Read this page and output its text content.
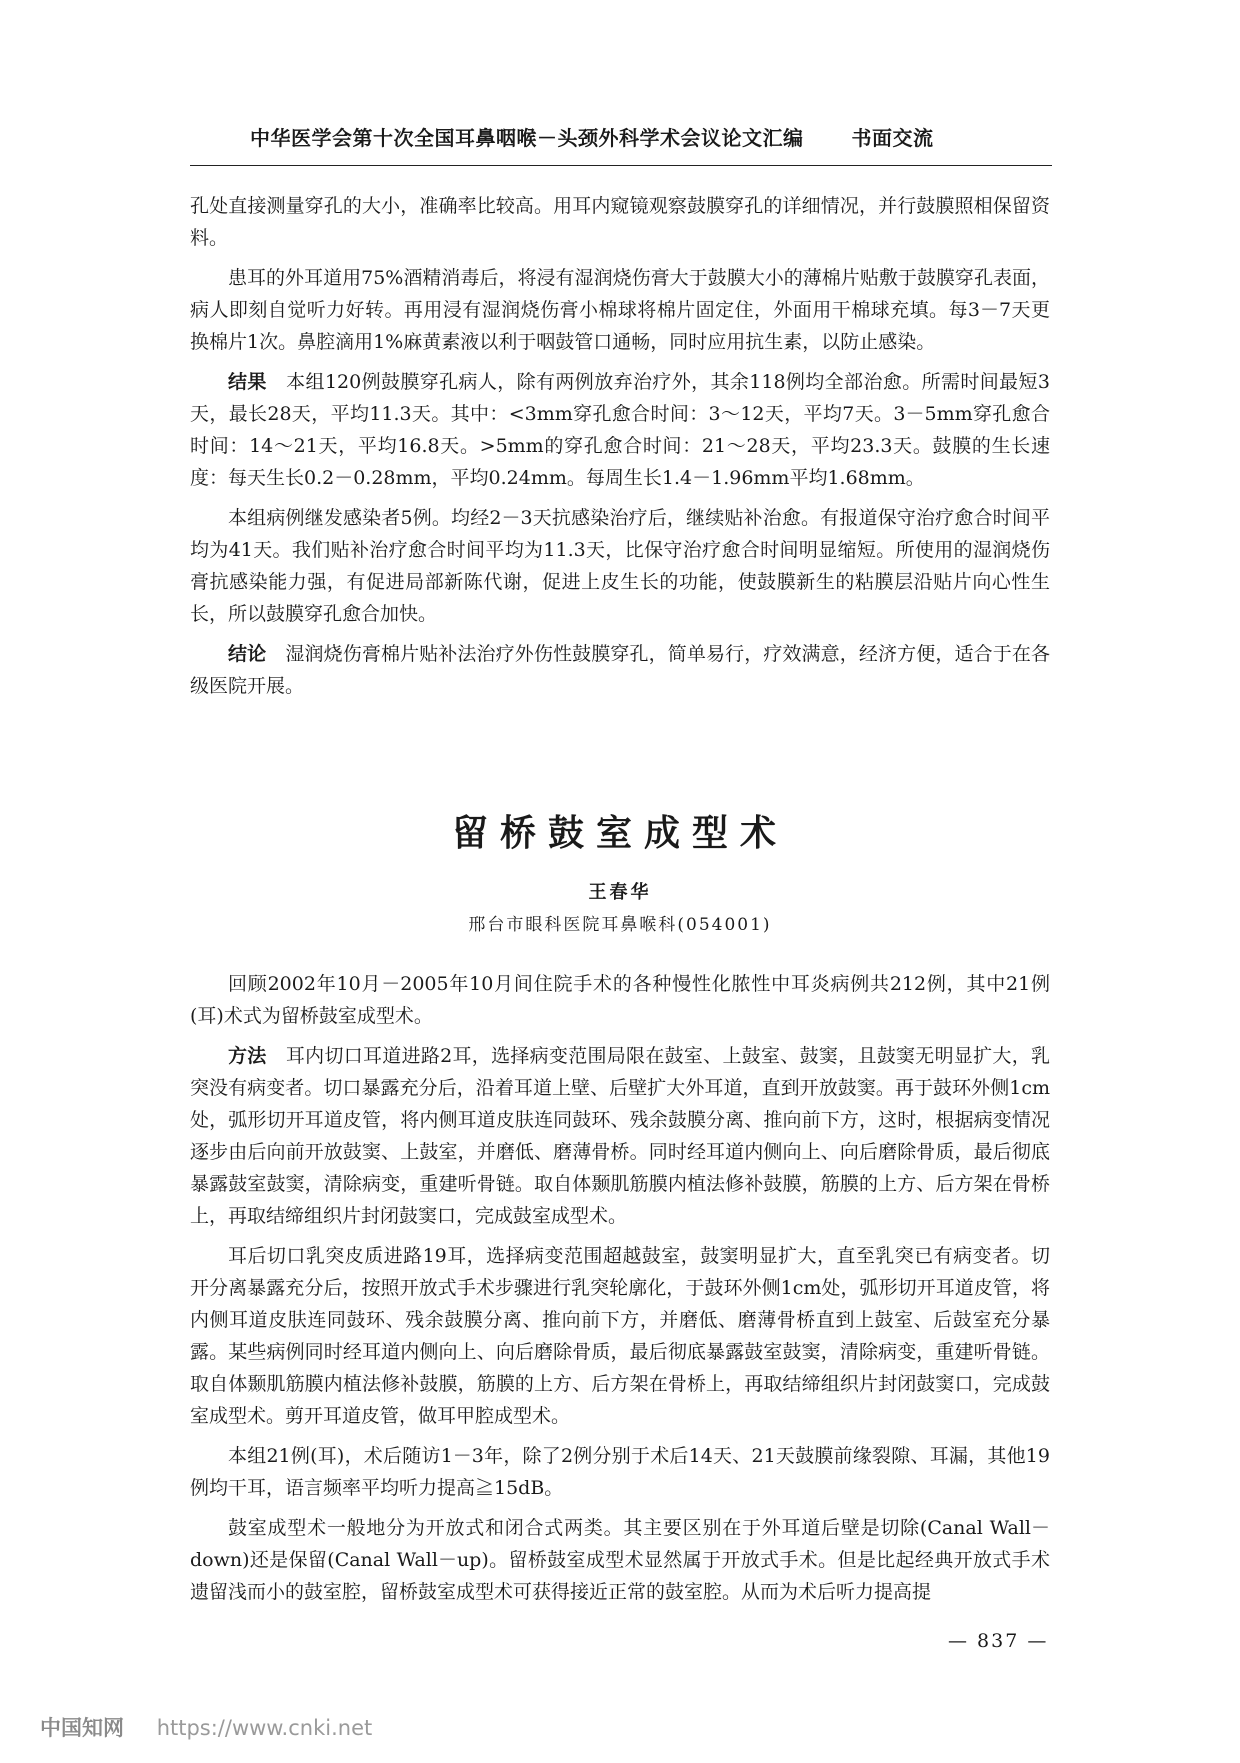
中华医学会第十次全国耳鼻咽喉－头颈外科学术会议论文汇编 书面交流

孔处直接测量穿孔的大小，准确率比较高。用耳内窥镜观察鼓膜穿孔的详细情况，并行鼓膜照相保留资料。

患耳的外耳道用75%酒精消毒后，将浸有湿润烧伤膏大于鼓膜大小的薄棉片贴敷于鼓膜穿孔表面，病人即刻自觉听力好转。再用浸有湿润烧伤膏小棉球将棉片固定住，外面用干棉球充填。每3－7天更换棉片1次。鼻腔滴用1%麻黄素液以利于咽鼓管口通畅，同时应用抗生素，以防止感染。

结果　 本组120例鼓膜穿孔病人，除有两例放弃治疗外，其余118例均全部治愈。所需时间最短3天，最长28天，平均11.3天。其中：<3mm穿孔愈合时间：3～12天，平均7天。3－5mm穿孔愈合时间：14～21天，平均16.8天。>5mm的穿孔愈合时间：21～28天，平均23.3天。鼓膜的生长速度：每天生长0.2－0.28mm，平均0.24mm。每周生长1.4－1.96mm平均1.68mm。

本组病例继发感染者5例。均经2－3天抗感染治疗后，继续贴补治愈。有报道保守治疗愈合时间平均为41天。我们贴补治疗愈合时间平均为11.3天，比保守治疗愈合时间明显缩短。所使用的湿润烧伤膏抗感染能力强，有促进局部新陈代谢，促进上皮生长的功能，使鼓膜新生的粘膜层沿贴片向心性生长，所以鼓膜穿孔愈合加快。

结论　 湿润烧伤膏棉片贴补法治疗外伤性鼓膜穿孔，简单易行，疗效满意，经济方便，适合于在各级医院开展。

留桥鼓室成型术
王春华
邢台市眼科医院耳鼻喉科(054001)

回顾2002年10月－2005年10月间住院手术的各种慢性化脓性中耳炎病例共212例，其中21例(耳)术式为留桥鼓室成型术。

方法　 耳内切口耳道进路2耳，选择病变范围局限在鼓室、上鼓室、鼓窦，且鼓窦无明显扩大，乳突没有病变者。切口暴露充分后，沿着耳道上壁、后壁扩大外耳道，直到开放鼓窦。再于鼓环外侧1cm处，弧形切开耳道皮管，将内侧耳道皮肤连同鼓环、残余鼓膜分离、推向前下方，这时，根据病变情况逐步由后向前开放鼓窦、上鼓室，并磨低、磨薄骨桥。同时经耳道内侧向上、向后磨除骨质，最后彻底暴露鼓室鼓窦，清除病变，重建听骨链。取自体颞肌筋膜内植法修补鼓膜，筋膜的上方、后方架在骨桥上，再取结缔组织片封闭鼓窦口，完成鼓室成型术。

耳后切口乳突皮质进路19耳，选择病变范围超越鼓室，鼓窦明显扩大，直至乳突已有病变者。切开分离暴露充分后，按照开放式手术步骤进行乳突轮廓化，于鼓环外侧1cm处，弧形切开耳道皮管，将内侧耳道皮肤连同鼓环、残余鼓膜分离、推向前下方，并磨低、磨薄骨桥直到上鼓室、后鼓室充分暴露。某些病例同时经耳道内侧向上、向后磨除骨质，最后彻底暴露鼓室鼓窦，清除病变，重建听骨链。取自体颞肌筋膜内植法修补鼓膜，筋膜的上方、后方架在骨桥上，再取结缔组织片封闭鼓窦口，完成鼓室成型术。剪开耳道皮管，做耳甲腔成型术。

本组21例(耳)，术后随访1－3年，除了2例分别于术后14天、21天鼓膜前缘裂隙、耳漏，其他19例均干耳，语言频率平均听力提高≧15dB。

鼓室成型术一般地分为开放式和闭合式两类。其主要区别在于外耳道后壁是切除(Canal Wall－down)还是保留(Canal Wall－up)。留桥鼓室成型术显然属于开放式手术。但是比起经典开放式手术遗留浅而小的鼓室腔，留桥鼓室成型术可获得接近正常的鼓室腔。从而为术后听力提高提

— 837 —
中国知网 https://www.cnki.net
